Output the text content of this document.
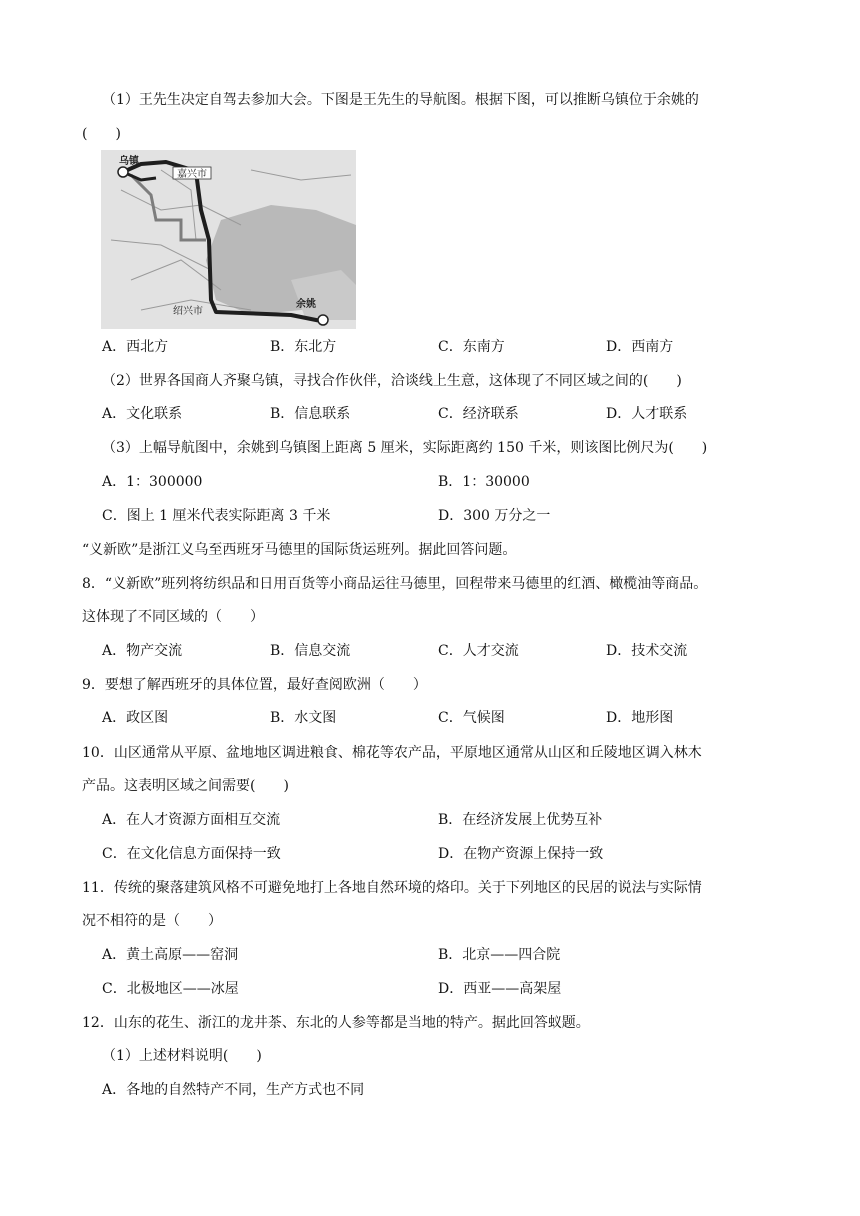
（1）王先生决定自驾去参加大会。下图是王先生的导航图。根据下图，可以推断乌镇位于余姚的
(　　)
乌镇
嘉兴市
绍兴市
余姚
A．西北方	B．东北方	C．东南方	D．西南方
（2）世界各国商人齐聚乌镇，寻找合作伙伴，洽谈线上生意，这体现了不同区域之间的(　　)
A．文化联系	B．信息联系	C．经济联系	D．人才联系
（3）上幅导航图中，余姚到乌镇图上距离 5 厘米，实际距离约 150 千米，则该图比例尺为(　　)
A．1：300000	B．1：30000
C．图上 1 厘米代表实际距离 3 千米	D．300 万分之一
“义新欧”是浙江义乌至西班牙马德里的国际货运班列。据此回答问题。
8．“义新欧”班列将纺织品和日用百货等小商品运往马德里，回程带来马德里的红酒、橄榄油等商品。
这体现了不同区域的（　　）
A．物产交流	B．信息交流	C．人才交流	D．技术交流
9．要想了解西班牙的具体位置，最好查阅欧洲（　　）
A．政区图	B．水文图	C．气候图	D．地形图
10．山区通常从平原、盆地地区调进粮食、棉花等农产品，平原地区通常从山区和丘陵地区调入林木
产品。这表明区域之间需要(　　)
A．在人才资源方面相互交流	B．在经济发展上优势互补
C．在文化信息方面保持一致	D．在物产资源上保持一致
11．传统的聚落建筑风格不可避免地打上各地自然环境的烙印。关于下列地区的民居的说法与实际情
况不相符的是（　　）
A．黄土高原——窑洞	B．北京——四合院
C．北极地区——冰屋	D．西亚——高架屋
12．山东的花生、浙江的龙井茶、东北的人参等都是当地的特产。据此回答蚁题。
（1）上述材料说明(　　)
A．各地的自然特产不同，生产方式也不同
